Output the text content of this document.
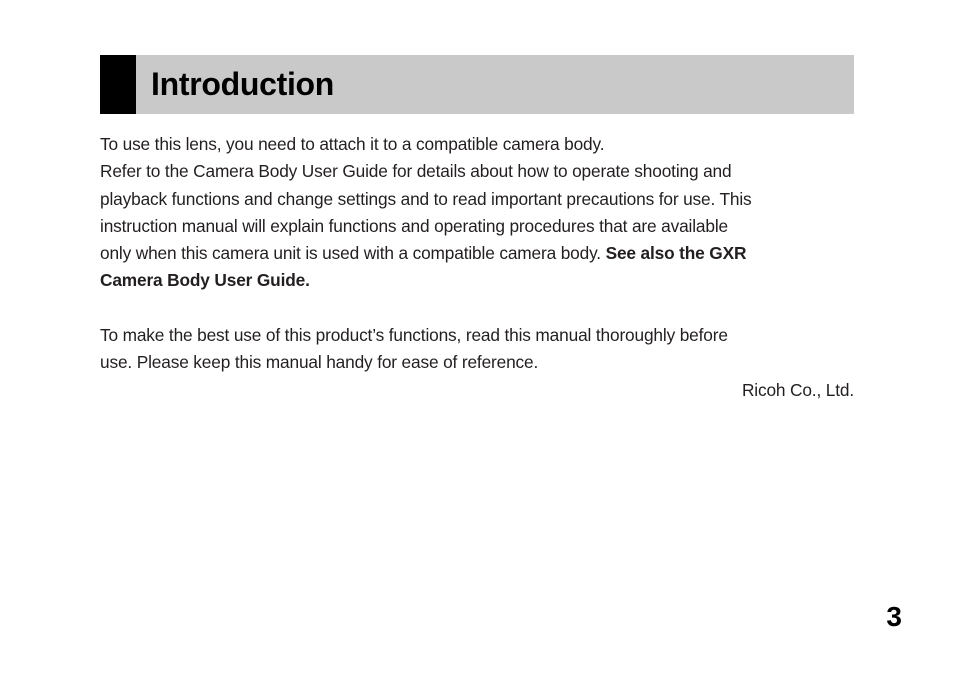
Introduction

To use this lens, you need to attach it to a compatible camera body.

Refer to the Camera Body User Guide for details about how to operate shooting and
playback functions and change settings and to read important precautions for use. This
instruction manual will explain functions and operating procedures that are available
only when this camera unit is used with a compatible camera body. See also the GXR
Camera Body User Guide.

To make the best use of this product’s functions, read this manual thoroughly before
use. Please keep this manual handy for ease of reference.

Ricoh Co., Ltd.

3
